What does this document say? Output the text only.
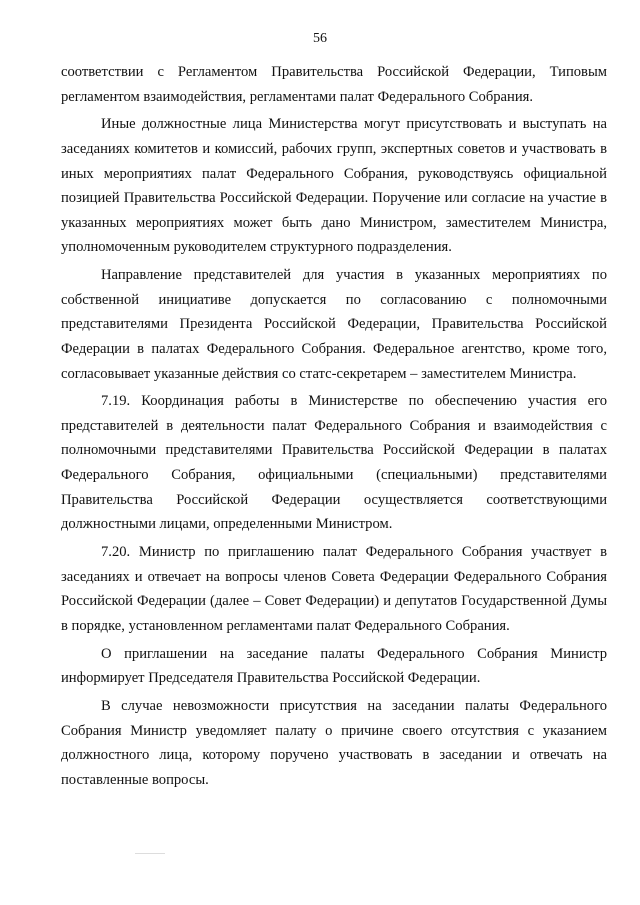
56

соответствии с Регламентом Правительства Российской Федерации, Типовым регламентом взаимодействия, регламентами палат Федерального Собрания.

Иные должностные лица Министерства могут присутствовать и выступать на заседаниях комитетов и комиссий, рабочих групп, экспертных советов и участвовать в иных мероприятиях палат Федерального Собрания, руководствуясь официальной позицией Правительства Российской Федерации. Поручение или согласие на участие в указанных мероприятиях может быть дано Министром, заместителем Министра, уполномоченным руководителем структурного подразделения.

Направление представителей для участия в указанных мероприятиях по собственной инициативе допускается по согласованию с полномочными представителями Президента Российской Федерации, Правительства Российской Федерации в палатах Федерального Собрания. Федеральное агентство, кроме того, согласовывает указанные действия со статс-секретарем – заместителем Министра.

7.19. Координация работы в Министерстве по обеспечению участия его представителей в деятельности палат Федерального Собрания и взаимодействия с полномочными представителями Правительства Российской Федерации в палатах Федерального Собрания, официальными (специальными) представителями Правительства Российской Федерации осуществляется соответствующими должностными лицами, определенными Министром.

7.20. Министр по приглашению палат Федерального Собрания участвует в заседаниях и отвечает на вопросы членов Совета Федерации Федерального Собрания Российской Федерации (далее – Совет Федерации) и депутатов Государственной Думы в порядке, установленном регламентами палат Федерального Собрания.

О приглашении на заседание палаты Федерального Собрания Министр информирует Председателя Правительства Российской Федерации.

В случае невозможности присутствия на заседании палаты Федерального Собрания Министр уведомляет палату о причине своего отсутствия с указанием должностного лица, которому поручено участвовать в заседании и отвечать на поставленные вопросы.
